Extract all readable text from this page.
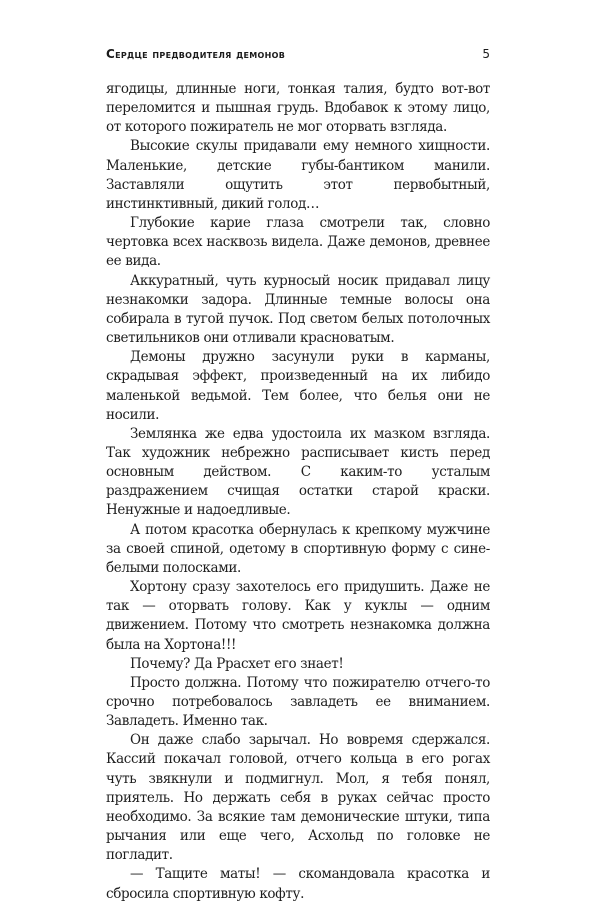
Сердце предводителя демонов	5

ягодицы, длинные ноги, тонкая талия, будто вот-вот переломится и пышная грудь. Вдобавок к этому лицо, от которого пожиратель не мог оторвать взгляда.

Высокие скулы придавали ему немного хищности. Маленькие, детские губы-бантиком манили. Заставляли ощутить этот первобытный, инстинктивный, дикий голод…

Глубокие карие глаза смотрели так, словно чертовка всех насквозь видела. Даже демонов, древнее ее вида.

Аккуратный, чуть курносый носик придавал лицу незнакомки задора. Длинные темные волосы она собирала в тугой пучок. Под светом белых потолочных светильников они отливали красноватым.

Демоны дружно засунули руки в карманы, скрадывая эффект, произведенный на их либидо маленькой ведьмой. Тем более, что белья они не носили.

Землянка же едва удостоила их мазком взгляда. Так художник небрежно расписывает кисть перед основным действом. С каким-то усталым раздражением счищая остатки старой краски. Ненужные и надоедливые.

А потом красотка обернулась к крепкому мужчине за своей спиной, одетому в спортивную форму с сине-белыми полосками.

Хортону сразу захотелось его придушить. Даже не так — оторвать голову. Как у куклы — одним движением. Потому что смотреть незнакомка должна была на Хортона!!!

Почему? Да Ррасхет его знает!

Просто должна. Потому что пожирателю отчего-то срочно потребовалось завладеть ее вниманием. Завладеть. Именно так.

Он даже слабо зарычал. Но вовремя сдержался. Кассий покачал головой, отчего кольца в его рогах чуть звякнули и подмигнул. Мол, я тебя понял, приятель. Но держать себя в руках сейчас просто необходимо. За всякие там демонические штуки, типа рычания или еще чего, Асхольд по головке не погладит.

— Тащите маты! — скомандовала красотка и сбросила спортивную кофту.
